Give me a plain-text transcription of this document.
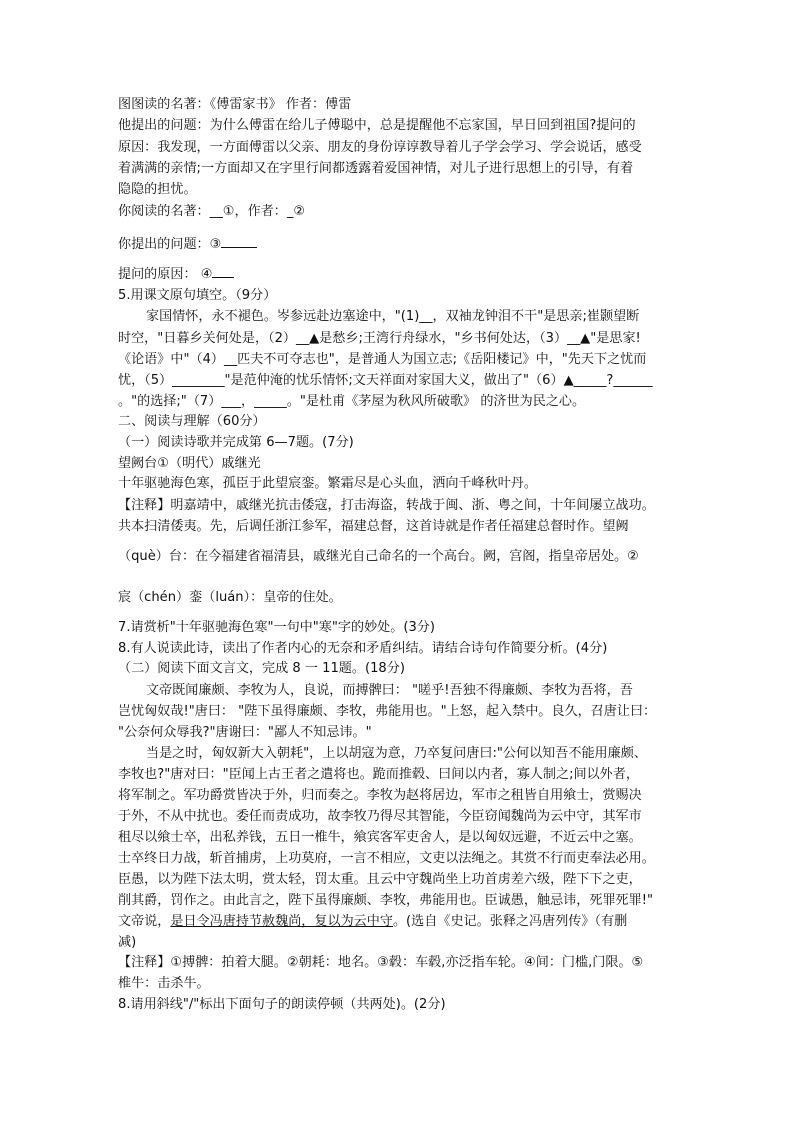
图图读的名著：《傅雷家书》 作者：傅雷
他提出的问题：为什么傅雷在给儿子傅聪中，总是提醒他不忘家国，早日回到祖国?提问的
原因：我发现，一方面傅雷以父亲、朋友的身份谆谆教导着儿子学会学习、学会说话，感受
着满满的亲情;一方面却又在字里行间都透露着爱国神情，对儿子进行思想上的引导，有着
隐隐的担忧。
你阅读的名著：__①，作者：_②
你提出的问题：③
提问的原因： ④
5.用课文原句填空。（9分）
家国情怀，永不褪色。岑参远赴边塞途中，"(1)__，双袖龙钟泪不干"是思亲;崔颢望断
时空，"日暮乡关何处是，（2）__▲是愁乡;王湾行舟绿水，"乡书何处达，（3）__▲"是思家!
《论语》中"（4）__匹夫不可夺志也"，是普通人为国立志;《岳阳楼记》中，"先天下之忧而
忧，（5）________"是范仲淹的忧乐情怀;文天祥面对家国大义，做出了"（6）▲_____?______
。"的选择;"（7）___，_____。"是杜甫《茅屋为秋风所破歌》 的济世为民之心。
二、阅读与理解（60分）
（一）阅读诗歌并完成第 6—7题。(7分)
望阙台①（明代）戚继光
十年驱驰海色寒，孤臣于此望宸銮。繁霜尽是心头血，洒向千峰秋叶丹。
【注释】明嘉靖中，戚继光抗击倭寇，打击海盗，转战于闽、浙、粤之间，十年间屡立战功。
共本扫清倭夷。先，后调任浙江参军，福建总督，这首诗就是作者任福建总督时作。望阙
（què）台：在今福建省福清县，戚继光自己命名的一个高台。阙，宫阁，指皇帝居处。②
宸（chén）銮（luán）：皇帝的住处。
7.请赏析"十年驱驰海色寒"一句中"寒"字的妙处。(3分)
8.有人说读此诗，读出了作者内心的无奈和矛盾纠结。请结合诗句作简要分析。(4分)
（二）阅读下面文言文，完成 8 一 11题。(18分)
文帝既闻廉颇、李牧为人，良说，而搏髀曰： "嗟乎!吾独不得廉颇、李牧为吾将，吾
岂忧匈奴哉!"唐曰： "陛下虽得廉颇、李牧，弗能用也。"上怒，起入禁中。良久，召唐让曰：
"公奈何众辱我?"唐谢曰："鄙人不知忌讳。"
当是之时，匈奴新大入朝耗"，上以胡寇为意，乃卒复问唐曰:"公何以知吾不能用廉颇、
李牧也?"唐对曰："臣闻上古王者之遣将也。跪而推毂、曰间以内者，寡人制之;间以外者，
将军制之。军功爵赏皆决于外，归而奏之。李牧为赵将居边，军市之租皆自用飨士，赏赐决
于外，不从中扰也。委任而责成功，故李牧乃得尽其智能，今臣窃闻魏尚为云中守，其军市
租尽以飨士卒，出私养钱，五日一椎牛，飨宾客军吏舍人，是以匈奴远避，不近云中之塞。
士卒终日力战，斩首捕虏，上功莫府，一言不相应，文吏以法绳之。其赏不行而吏奉法必用。
臣愚，以为陛下法太明，赏太轻，罚太重。且云中守魏尚坐上功首虏差六级，陛下下之吏，
削其爵，罚作之。由此言之，陛下虽得廉颇、李牧，弗能用也。臣诚愚，触忌讳，死罪死罪!"
文帝说，是日令冯唐持节赦魏尚，复以为云中守。(选自《史记。张释之冯唐列传》（有删
减)
【注释】①搏髀：拍着大腿。②朝耗：地名。③毂：车毂,亦泛指车轮。④间：门槛,门限。⑤
椎牛：击杀牛。
8.请用斜线"/"标出下面句子的朗读停顿（共两处)。(2分)
